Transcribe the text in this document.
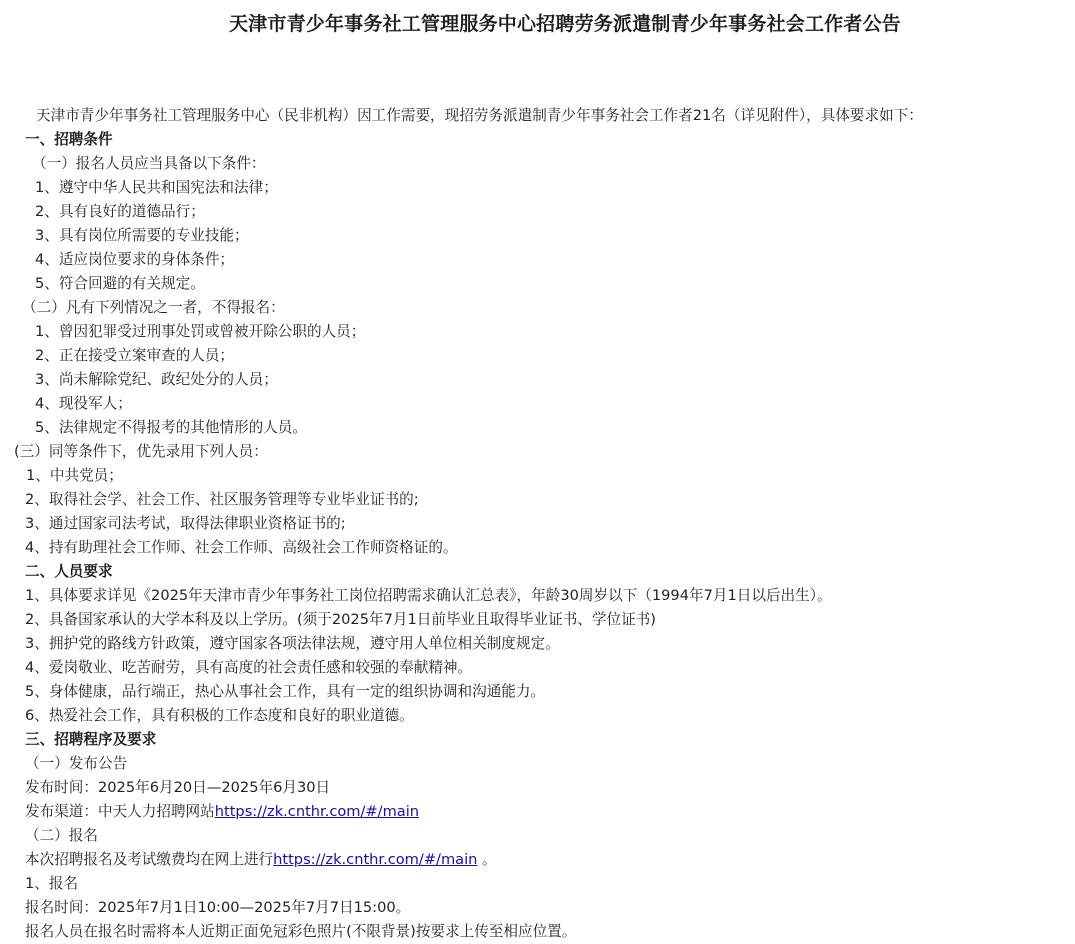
天津市青少年事务社工管理服务中心招聘劳务派遣制青少年事务社会工作者公告
天津市青少年事务社工管理服务中心（民非机构）因工作需要，现招劳务派遣制青少年事务社会工作者21名（详见附件），具体要求如下：
一、招聘条件
（一）报名人员应当具备以下条件：
1、遵守中华人民共和国宪法和法律；
2、具有良好的道德品行；
3、具有岗位所需要的专业技能；
4、适应岗位要求的身体条件；
5、符合回避的有关规定。
（二）凡有下列情况之一者，不得报名：
1、曾因犯罪受过刑事处罚或曾被开除公职的人员；
2、正在接受立案审查的人员；
3、尚未解除党纪、政纪处分的人员；
4、现役军人；
5、法律规定不得报考的其他情形的人员。
(三）同等条件下，优先录用下列人员：
1、中共党员；
2、取得社会学、社会工作、社区服务管理等专业毕业证书的;
3、通过国家司法考试，取得法律职业资格证书的;
4、持有助理社会工作师、社会工作师、高级社会工作师资格证的。
二、人员要求
1、具体要求详见《2025年天津市青少年事务社工岗位招聘需求确认汇总表》，年龄30周岁以下（1994年7月1日以后出生）。
2、具备国家承认的大学本科及以上学历。(须于2025年7月1日前毕业且取得毕业证书、学位证书)
3、拥护党的路线方针政策，遵守国家各项法律法规，遵守用人单位相关制度规定。
4、爱岗敬业、吃苦耐劳，具有高度的社会责任感和较强的奉献精神。
5、身体健康，品行端正，热心从事社会工作，具有一定的组织协调和沟通能力。
6、热爱社会工作，具有积极的工作态度和良好的职业道德。
三、招聘程序及要求
（一）发布公告
发布时间：2025年6月20日—2025年6月30日
发布渠道：中天人力招聘网站https://zk.cnthr.com/#/main
（二）报名
本次招聘报名及考试缴费均在网上进行https://zk.cnthr.com/#/main 。
1、报名
报名时间：2025年7月1日10:00—2025年7月7日15:00。
报名人员在报名时需将本人近期正面免冠彩色照片(不限背景)按要求上传至相应位置。
